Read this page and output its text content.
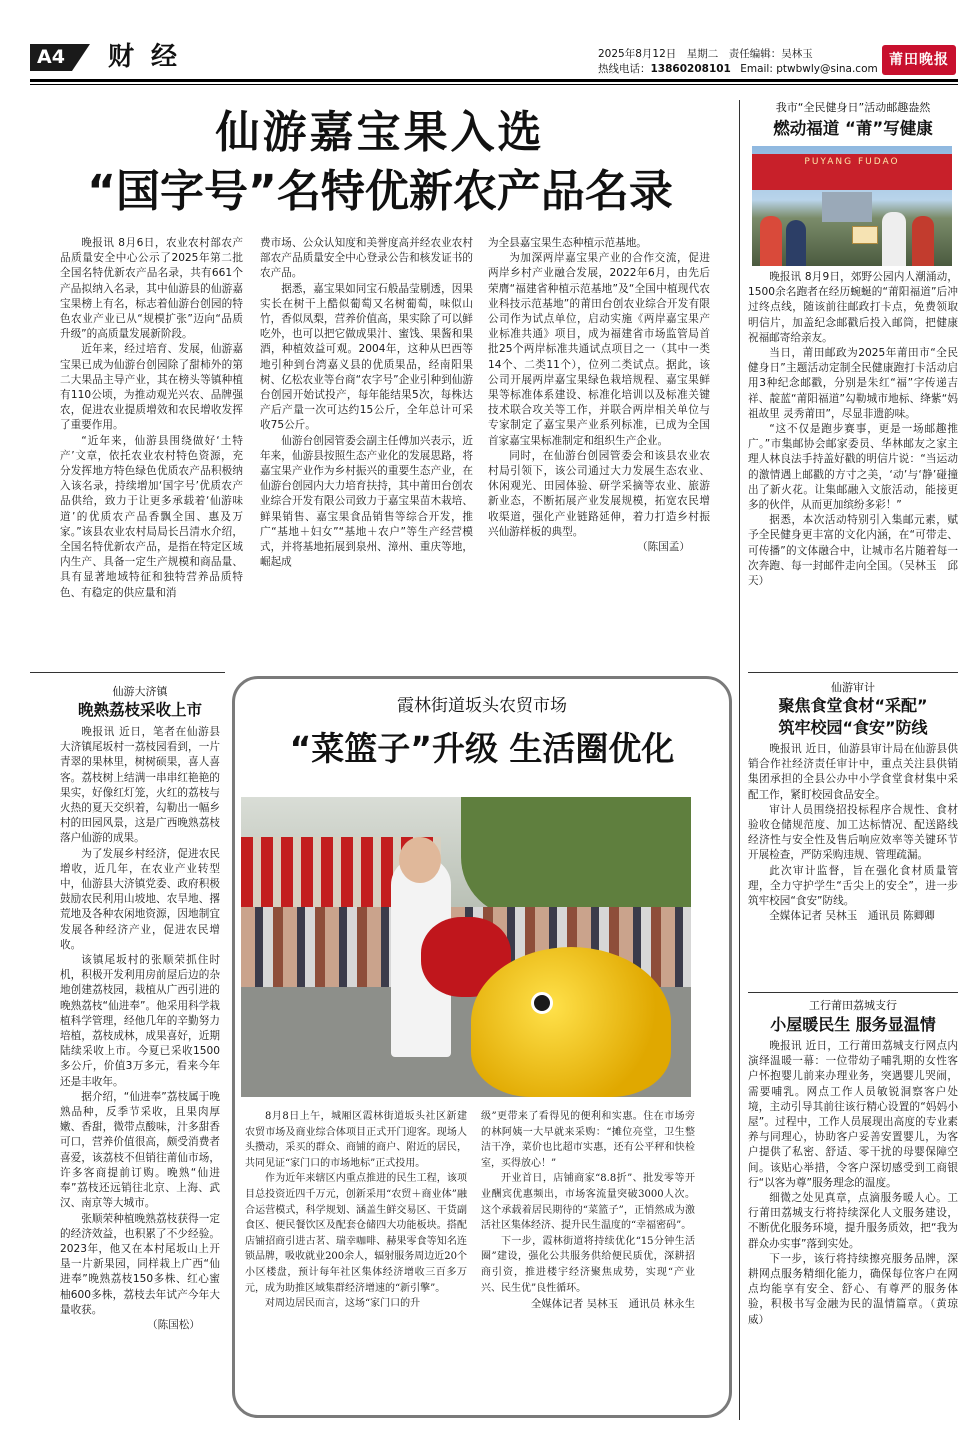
A4 财 经	2025年8月12日　星期二　责任编辑：吴林玉
热线电话：13860208101 Email: ptwbwly@sina.com
莆田晚报
仙游嘉宝果入选
“国字号”名特优新农产品名录

晚报讯 8月6日，农业农村部农产品质量安全中心公示了2025年第二批全国名特优新农产品名录，共有661个产品拟纳入名录，其中仙游县的仙游嘉宝果榜上有名，标志着仙游台创园的特色农业产业已从“规模扩张”迈向“品质升级”的高质量发展新阶段。

近年来，经过培育、发展，仙游嘉宝果已成为仙游台创园除了甜柿外的第二大果品主导产业，其在榜头等镇种植有110公顷，为推动观光兴农、品牌强农，促进农业提质增效和农民增收发挥了重要作用。

“近年来，仙游县围绕做好‘土特产’文章，依托农业农村特色资源，充分发挥地方特色绿色优质农产品积极纳入该名录，持续增加‘国字号’优质农产品供给，致力于让更多承载着‘仙游味道’的优质农产品香飘全国、惠及万家。”该县农业农村局局长吕清水介绍，全国名特优新农产品，是指在特定区域内生产、具备一定生产规模和商品量、具有显著地域特征和独特营养品质特色、有稳定的供应量和消

费市场、公众认知度和美誉度高并经农业农村部农产品质量安全中心登录公告和核发证书的农产品。

据悉，嘉宝果如同宝石般晶莹剔透，因果实长在树干上酷似葡萄又名树葡萄，味似山竹，香似凤梨，营养价值高，果实除了可以鲜吃外，也可以把它做成果汁、蜜饯、果酱和果酒，种植效益可观。2004年，这种从巴西等地引种到台湾嘉义县的优质果品，经南阳果树、亿松农业等台商“农字号”企业引种到仙游台创园开始试投产，每年能结果5次，每株达产后产量一次可达约15公斤，全年总计可采收75公斤。

仙游台创园管委会副主任傅加兴表示，近年来，仙游县按照生态产业化的发展思路，将嘉宝果产业作为乡村振兴的重要生态产业，在仙游台创园内大力培育扶持，其中莆田台创农业综合开发有限公司致力于嘉宝果苗木栽培、鲜果销售、嘉宝果食品销售等综合开发，推广“基地＋妇女”“基地＋农户”等生产经营模式，并将基地拓展到泉州、漳州、重庆等地，崛起成

为全县嘉宝果生态种植示范基地。

为加深两岸嘉宝果产业的合作交流，促进两岸乡村产业融合发展，2022年6月，由先后荣膺“福建省种植示范基地”及“全国中植现代农业科技示范基地”的莆田台创农业综合开发有限公司作为试点单位，启动实施《两岸嘉宝果产业标准共通》项目，成为福建省市场监管局首批25个两岸标准共通试点项目之一（其中一类14个、二类11个），位列二类试点。据此，该公司开展两岸嘉宝果绿色栽培规程、嘉宝果鲜果等标准体系建设、标准化培训以及标准关键技术联合攻关等工作，并联合两岸相关单位与专家制定了嘉宝果产业系列标准，已成为全国首家嘉宝果标准制定和组织生产企业。

同时，在仙游台创园管委会和该县农业农村局引领下，该公司通过大力发展生态农业、休闲观光、田园体验、研学采摘等农业、旅游新业态，不断拓展产业发展规模，拓宽农民增收渠道，强化产业链路延伸，着力打造乡村振兴仙游样板的典型。

（陈国孟）

我市“全民健身日”活动邮趣盎然
燃动福道 “莆”写健康
PUYANG FUDAO

晚报讯 8月9日，郊野公园内人潮涌动，1500余名跑者在经历蜿蜒的“莆阳福道”后冲过终点线，随该前往邮政打卡点，免费领取明信片，加盖纪念邮戳后投入邮筒，把健康祝福邮寄给亲友。

当日，莆田邮政为2025年莆田市“全民健身日”主题活动定制全民健康跑打卡活动启用3种纪念邮戳，分别是朱红“福”字传递吉祥、靛蓝“莆阳福道”勾勒城市地标、绛紫“妈祖故里 灵秀莆田”，尽显非遗韵味。

“这不仅是跑步赛事，更是一场邮趣推广。”市集邮协会邮家委员、华林邮友之家主理人林良法手持盖好戳的明信片说：“当运动的激情遇上邮戳的方寸之美，‘动’与‘静’碰撞出了新火花。让集邮融入文旅活动，能接更多的伙伴，从而更加缤纷多彩！”

据悉，本次活动特别引入集邮元素，赋予全民健身更丰富的文化内涵，在“可带走、可传播”的文体融合中，让城市名片随着每一次奔跑、每一封邮件走向全国。（吴林玉　邱天）

仙游审计
聚焦食堂食材“采配”
筑牢校园“食安”防线

晚报讯 近日，仙游县审计局在仙游县供销合作社经济责任审计中，重点关注县供销集团承担的全县公办中小学食堂食材集中采配工作，紧盯校园食品安全。

审计人员围绕招投标程序合规性、食材验收仓储规范度、加工达标情况、配送路线经济性与安全性及售后响应效率等关键环节开展检查，严防采购违规、管理疏漏。

此次审计监督，旨在强化食材质量管理，全力守护学生“舌尖上的安全”，进一步筑牢校园“食安”防线。

全媒体记者 吴林玉　通讯员 陈卿卿

工行莆田荔城支行
小屋暖民生 服务显温情

晚报讯 近日，工行莆田荔城支行网点内演绎温暖一幕：一位带幼子哺乳期的女性客户怀抱婴儿前来办理业务，突遇婴儿哭闹，需要哺乳。网点工作人员敏锐洞察客户处境，主动引导其前往该行精心设置的“妈妈小屋”。过程中，工作人员展现出高度的专业素养与同理心，协助客户妥善安置婴儿，为客户提供了私密、舒适、零干扰的母婴保障空间。该贴心举措，令客户深切感受到工商银行“以客为尊”服务理念的温度。

细微之处见真章，点滴服务暖人心。工行莆田荔城支行将持续深化人文服务建设，不断优化服务环境，提升服务质效，把“我为群众办实事”落到实处。

下一步，该行将持续擦亮服务品牌，深耕网点服务精细化能力，确保每位客户在网点均能享有安全、舒心、有尊严的服务体验，积极书写金融为民的温情篇章。（黄琼威）

仙游大济镇
晚熟荔枝采收上市

晚报讯 近日，笔者在仙游县大济镇尾坂村一荔枝园看到，一片青翠的果林里，树树硕果，喜人喜客。荔枝树上结满一串串红艳艳的果实，好像红灯笼，火红的荔枝与火热的夏天交织着，勾勒出一幅乡村的田园风景，这是广西晚熟荔枝落户仙游的成果。

为了发展乡村经济，促进农民增收，近几年，在农业产业转型中，仙游县大济镇党委、政府积极鼓励农民利用山坡地、农旱地、撂荒地及各种农闲地资源，因地制宜发展各种经济产业，促进农民增收。

该镇尾坂村的张顺荣抓住时机，积极开发利用房前屋后边的杂地创建荔枝园，栽植从广西引进的晚熟荔枝“仙进奉”。他采用科学栽植科学管理，经他几年的辛勤努力培植，荔枝成林，成果喜好，近期陆续采收上市。今夏已采收1500多公斤，价值3万多元，看来今年还是丰收年。

据介绍，“仙进奉”荔枝属于晚熟品种，反季节采收，且果肉厚嫩、香甜，微带点酸味，汁多甜香可口，营养价值很高，颇受消费者喜爱，该荔枝不但销往莆仙市场，许多客商提前订购。晚熟“仙进奉”荔枝还远销往北京、上海、武汉、南京等大城市。

张顺荣种植晚熟荔枝获得一定的经济效益，也积累了不少经验。2023年，他又在本村尾坂山上开垦一片新果园，同样栽上广西“仙进奉”晚熟荔枝150多株、红心蜜柚600多株，荔枝去年试产今年大量收获。

（陈国松）

霞林街道坂头农贸市场
“菜篮子”升级 生活圈优化

8月8日上午，城厢区霞林街道坂头社区新建农贸市场及商业综合体项目正式开门迎客。现场人头攒动，采买的群众、商铺的商户、附近的居民，共同见证“家门口的市场地标”正式投用。

作为近年来辖区内重点推进的民生工程，该项目总投资近四千万元，创新采用“农贸＋商业体”融合运营模式，科学规划、涵盖生鲜交易区、干货副食区、便民餐饮区及配套仓储四大功能板块。搭配店铺招商引进古茗、瑞幸咖啡、赫果零食等知名连锁品牌，吸收就业200余人，辐射服务周边近20个小区楼盘，预计每年社区集体经济增收三百多万元，成为助推区域集群经济增速的“新引擎”。

对周边居民而言，这场“家门口的升

级”更带来了看得见的便利和实惠。住在市场旁的林阿姨一大早就来采购：“摊位亮堂，卫生整洁干净，菜价也比超市实惠，还有公平秤和快检室，买得放心！”

开业首日，店铺商家“8.8折”、批发零等开业酬宾优惠频出，市场客流量突破3000人次。这个承载着居民期待的“菜篮子”，正悄然成为激活社区集体经济、提升民生温度的“幸福密码”。

下一步，霞林街道将持续优化“15分钟生活圈”建设，强化公共服务供给便民质优，深耕招商引资，推进楼宇经济聚焦成势，实现“产业兴、民生优”良性循环。

全媒体记者 吴林玉　通讯员 林永生
